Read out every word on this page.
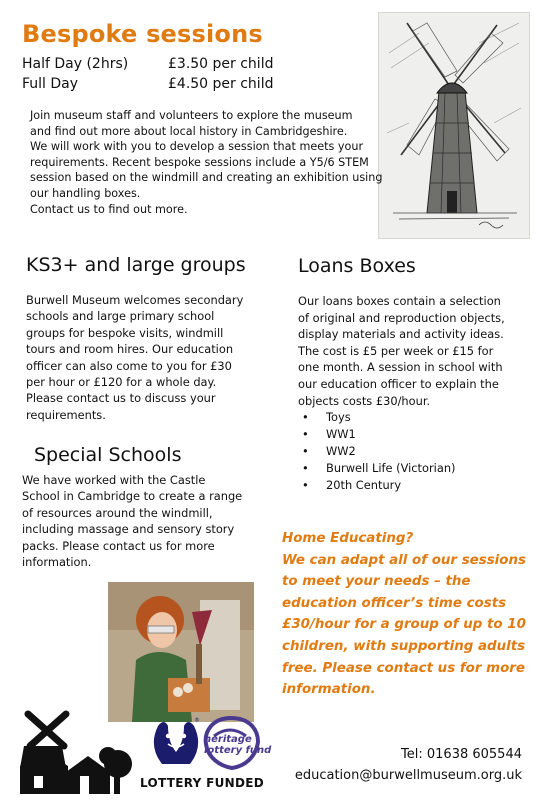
Bespoke sessions
Half Day (2hrs)	£3.50 per child
Full Day	£4.50 per child
Join museum staff and volunteers to explore the museum
and find out more about local history in Cambridgeshire.
We will work with you to develop a session that meets your
requirements. Recent bespoke sessions include a Y5/6 STEM
session based on the windmill and creating an exhibition using
our handling boxes.
Contact us to find out more.
KS3+ and large groups
Burwell Museum welcomes secondary
schools and large primary school
groups for bespoke visits, windmill
tours and room hires. Our education
officer can also come to you for £30
per hour or £120 for a whole day.
Please contact us to discuss your
requirements.
Special Schools
We have worked with the Castle
School in Cambridge to create a range
of resources around the windmill,
including massage and sensory story
packs. Please contact us for more
information.
Loans Boxes
Our loans boxes contain a selection
of original and reproduction objects,
display materials and activity ideas.
The cost is £5 per week or £15 for
one month. A session in school with
our education officer to explain the
objects costs £30/hour.
• Toys
• WW1
• WW2
• Burwell Life (Victorian)
• 20th Century
Home Educating?
We can adapt all of our sessions
to meet your needs – the
education officer’s time costs
£30/hour for a group of up to 10
children, with supporting adults
free. Please contact us for more
information.
®
LOTTERY FUNDED
heritage
lottery fund	Tel: 01638 605544
education@burwellmuseum.org.uk
